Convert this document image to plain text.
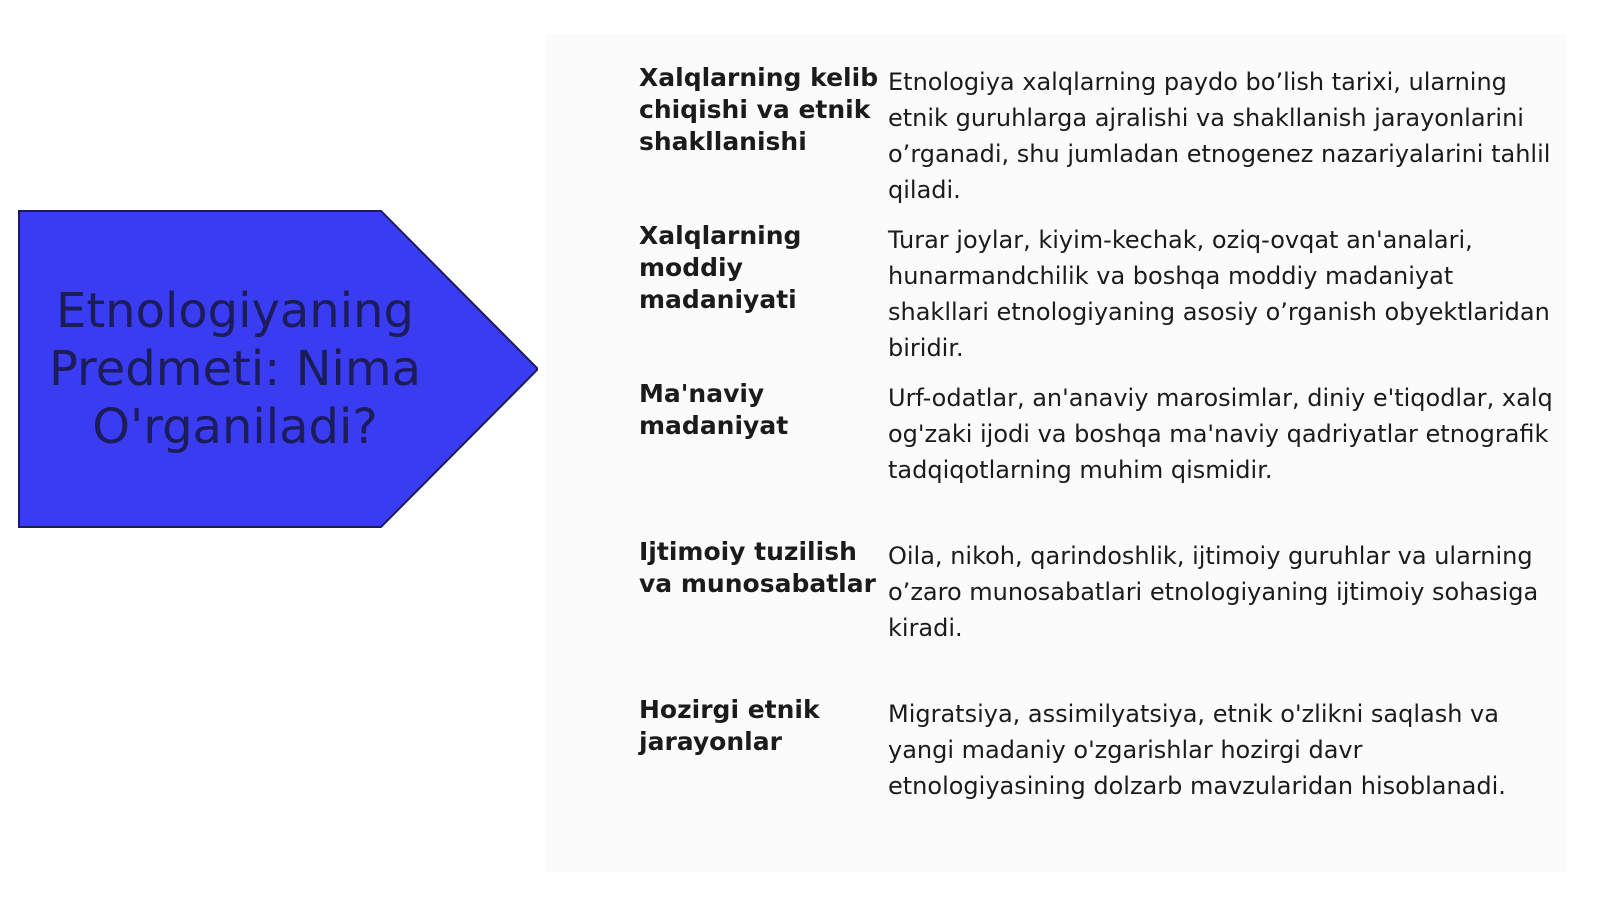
Etnologiyaning Predmeti: Nima O'rganiladi?

Xalqlarning kelib chiqishi va etnik shakllanishi

Etnologiya xalqlarning paydo bo’lish tarixi, ularning etnik guruhlarga ajralishi va shakllanish jarayonlarini o’rganadi, shu jumladan etnogenez nazariyalarini tahlil qiladi.

Xalqlarning moddiy madaniyati

Turar joylar, kiyim-kechak, oziq-ovqat an'analari, hunarmandchilik va boshqa moddiy madaniyat shakllari etnologiyaning asosiy o’rganish obyektlaridan biridir.

Ma'naviy madaniyat

Urf-odatlar, an'anaviy marosimlar, diniy e'tiqodlar, xalq og'zaki ijodi va boshqa ma'naviy qadriyatlar etnografik tadqiqotlarning muhim qismidir.

Ijtimoiy tuzilish va munosabatlar

Oila, nikoh, qarindoshlik, ijtimoiy guruhlar va ularning o’zaro munosabatlari etnologiyaning ijtimoiy sohasiga kiradi.

Hozirgi etnik jarayonlar

Migratsiya, assimilyatsiya, etnik o'zlikni saqlash va yangi madaniy o'zgarishlar hozirgi davr etnologiyasining dolzarb mavzularidan hisoblanadi.
